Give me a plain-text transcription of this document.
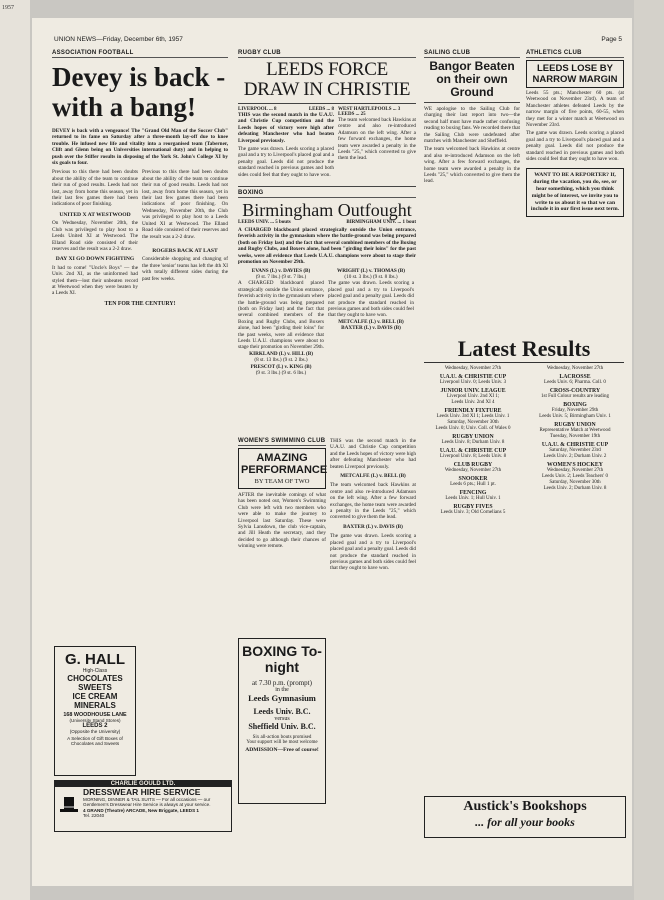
1957
UNION NEWS—Friday, December 6th, 1957	Page 5
ASSOCIATION FOOTBALL
Devey is back -with a bang!
DEVEY is back with a vengeance! The "Grand Old Man of the Soccer Club" returned to its fame on Saturday after a three-month lay-off due to knee trouble. He infused new life and vitality into a reorganised team (Taberner, Clift and Glenn being on Universities international duty) and in helping to push over the Stiffer rosults in disposing of the York St. John's College XI by six goals to four.
Previous to this there had been doubts about the ability of the team to continue their run of good results. Leeds had not lost, away from home this season, yet in their last few games there had been indications of poor finishing.
UNITED X AT WESTWOOD
On Wednesday, November 20th, the Club was privileged to play host to a Leeds United XI at Westwood. The Elland Road side consisted of their reserves and the result was a 2-2 draw.
DAY XI GO DOWN FIGHTING
It had to come! "Uncle's Boys" — the Univ. 2nd XI, as the uninformed had styled them—lost their unbeaten record at Weetwood when they were beaten by a Leeds XI.
Previous to this there had been doubts about the ability of the team to continue their run of good results. Leeds had not lost, away from home this season, yet in their last few games there had been indications of poor finishing. On Wednesday, November 20th, the Club was privileged to play host to a Leeds United XI at Westwood. The Elland Road side consisted of their reserves and the result was a 2-2 draw.
ROGERS BACK AT LAST
Considerable shopping and changing of the three 'senior' teams has left the 4th XI with totally different sides during the past few weeks.
TEN FOR THE CENTURY!
G. HALL
High-Class
CHOCOLATES
SWEETS
ICE CREAM
MINERALS
168 WOODHOUSE LANE
(University Stand Stores)
LEEDS 2
(Opposite the University)
A Selection of Gift Boxes of Chocolates and Sweets
CHARLIE GOULD LTD.
DRESSWEAR HIRE SERVICE
MORNING, DINNER & TAIL SUITS — For all occasions — our Gentlemen's Dresswear Hire Service is always at your service.
4 GRAND (Theatre) ARCADE, New Briggate, LEEDS 1
Tel. 22040
RUGBY CLUB
LEEDS FORCE DRAW IN CHRISTIE
LIVERPOOL ... 8	LEEDS ... 8
THIS was the second match in the U.A.U. and Christie Cup competition and the Leeds hopes of victory were high after defeating Manchester who had beaten Liverpool previously.
The game was drawn. Leeds scoring a placed goal and a try to Liverpool's placed goal and a penalty goal. Leeds did not produce the standard reached in previous games and both sides could feel that they ought to have won.
WEST HARTLEPOOLS ... 3 LEEDS ... 25
The team welcomed back Hawkins at centre and also re-introduced Adamson on the left wing. After a few forward exchanges, the home team were awarded a penalty in the Leeds "25," which converted to give them the lead.
BOXING
Birmingham Outfought
LEEDS UNIV. ... 5 bouts	BIRMINGHAM UNIV. ... 1 bout
A CHARGED blackboard placed strategically outside the Union entrance, feverish activity in the gymnasium where the battle-ground was being prepared (both on Friday last) and the fact that several combined members of the Boxing and Rugby Clubs, and Boxers alone, had been "girding their loins" for the past weeks, were all evidence that Leeds U.A.U. champions were about to stage their promotion on November 29th.
EVANS (L) v. DAVIES (B)
(9 st. 7 lbs.) (9 st. 7 lbs.)
A CHARGED blackboard placed strategically outside the Union entrance, feverish activity in the gymnasium where the battle-ground was being prepared (both on Friday last) and the fact that several combined members of the Boxing and Rugby Clubs, and Boxers alone, had been "girding their loins" for the past weeks, were all evidence that Leeds U.A.U. champions were about to stage their promotion on November 29th.
KIRKLAND (L) v. HILL (B)
(8 st. 13 lbs.) (9 st. 2 lbs.)
PRESCOT (L) v. KING (B)
(9 st. 3 lbs.) (9 st. 6 lbs.)
WRIGHT (L) v. THOMAS (B)
(10 st. 3 lbs.) (9 st. 8 lbs.)
The game was drawn. Leeds scoring a placed goal and a try to Liverpool's placed goal and a penalty goal. Leeds did not produce the standard reached in previous games and both sides could feel that they ought to have won.
METCALFE (L) v. BELL (B)
BAXTER (L) v. DAVIS (B)
WOMEN'S SWIMMING CLUB
AMAZING PERFORMANCE
BY TEAM OF TWO
AFTER the inevitable comings of what has been noted out, Women's Swimming Club were left with two members who were able to make the journey to Liverpool last Saturday. These were Sylvia Lansdown, the club vice-captain, and Jill Heath the secretary, and they decided to go although their chances of winning were remote.
BOXING To-night
at 7.30 p.m. (prompt)
in the
Leeds Gymnasium
Leeds Univ. B.C.
versus
Sheffield Univ. B.C.
Six all-action bouts promised
Your support will be most welcome
ADMISSION—Free of course!
THIS was the second match in the U.A.U. and Christie Cup competition and the Leeds hopes of victory were high after defeating Manchester who had beaten Liverpool previously.
METCALFE (L) v. BELL (B)
The team welcomed back Hawkins at centre and also re-introduced Adamson on the left wing. After a few forward exchanges, the home team were awarded a penalty in the Leeds "25," which converted to give them the lead.
BAXTER (L) v. DAVIS (B)
The game was drawn. Leeds scoring a placed goal and a try to Liverpool's placed goal and a penalty goal. Leeds did not produce the standard reached in previous games and both sides could feel that they ought to have won.
SAILING CLUB
Bangor Beaten on their own Ground
WE apologise to the Sailing Club for charging their last report into two—the second half must have made rather confusing reading to boxing fans. We recorded there that the Sailing Club were undefeated after matches with Manchester and Sheffield.
The team welcomed back Hawkins at centre and also re-introduced Adamson on the left wing. After a few forward exchanges, the home team were awarded a penalty in the Leeds "25," which converted to give them the lead.
ATHLETICS CLUB
LEEDS LOSE BY NARROW MARGIN
Leeds 55 pts.; Manchester 60 pts. (at Weetwood on November 23rd). A team of Manchester athletes defeated Leeds by the narrow margin of five points, 60-55, when they met for a winter match at Weetwood on November 23rd.
The game was drawn. Leeds scoring a placed goal and a try to Liverpool's placed goal and a penalty goal. Leeds did not produce the standard reached in previous games and both sides could feel that they ought to have won.
WANT TO BE A REPORTER? If, during the vacation, you do, see, or hear something, which you think might be of interest, we invite you to write to us about it so that we can include it in our first issue next term.
Latest Results
Wednesday, November 27th
U.A.U. & CHRISTIE CUP
Liverpool Univ. 0; Leeds Univ. 3
JUNIOR UNIV. LEAGUE
Liverpool Univ. 2nd XI 1;
Leeds Univ. 2nd XI 4
FRIENDLY FIXTURE
Leeds Univ. 3rd XI 1; Leeds Univ. 1
Saturday, November 30th
Leeds Univ. 0; Univ. Coll. of Wales 0
RUGBY UNION
Leeds Univ. 8; Durham Univ. 8
U.A.U. & CHRISTIE CUP
Liverpool Univ. 8; Leeds Univ. 8
CLUB RUGBY
Wednesday, November 27th
SNOOKER
Leeds 6 pts.; Hull 1 pt.
FENCING
Leeds Univ. 1; Hull Univ. 1
RUGBY FIVES
Leeds Univ. 3; Old Cornelians 5
Wednesday, November 27th
LACROSSE
Leeds Univ. 6; Pharma. Coll. 0
CROSS-COUNTRY
1st Full Colour results are leading
BOXING
Friday, November 29th
Leeds Univ. 5; Birmingham Univ. 1
RUGBY UNION
Representative Match at Weetwood
Tuesday, November 19th
U.A.U. & CHRISTIE CUP
Saturday, November 23rd
Leeds Univ. 2; Durham Univ. 2
WOMEN'S HOCKEY
Wednesday, November 27th
Leeds Univ. 2; Leeds Teachers' 0
Saturday, November 30th
Leeds Univ. 2; Durham Univ. 8
Austick's Bookshops
... for all your books
